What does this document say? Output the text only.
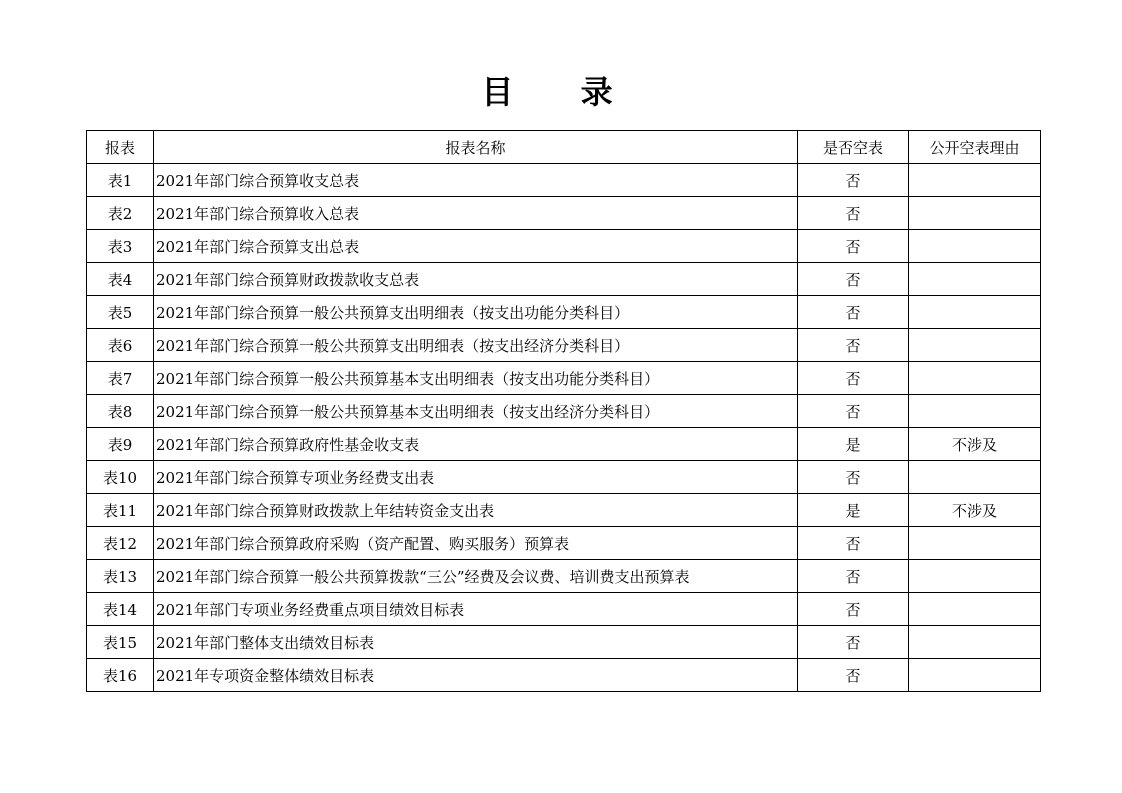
目 录
报表	报表名称	是否空表	公开空表理由
表1	2021年部门综合预算收支总表	否	
表2	2021年部门综合预算收入总表	否	
表3	2021年部门综合预算支出总表	否	
表4	2021年部门综合预算财政拨款收支总表	否	
表5	2021年部门综合预算一般公共预算支出明细表（按支出功能分类科目）	否	
表6	2021年部门综合预算一般公共预算支出明细表（按支出经济分类科目）	否	
表7	2021年部门综合预算一般公共预算基本支出明细表（按支出功能分类科目）	否	
表8	2021年部门综合预算一般公共预算基本支出明细表（按支出经济分类科目）	否	
表9	2021年部门综合预算政府性基金收支表	是	不涉及
表10	2021年部门综合预算专项业务经费支出表	否	
表11	2021年部门综合预算财政拨款上年结转资金支出表	是	不涉及
表12	2021年部门综合预算政府采购（资产配置、购买服务）预算表	否	
表13	2021年部门综合预算一般公共预算拨款“三公”经费及会议费、培训费支出预算表	否	
表14	2021年部门专项业务经费重点项目绩效目标表	否	
表15	2021年部门整体支出绩效目标表	否	
表16	2021年专项资金整体绩效目标表	否	
